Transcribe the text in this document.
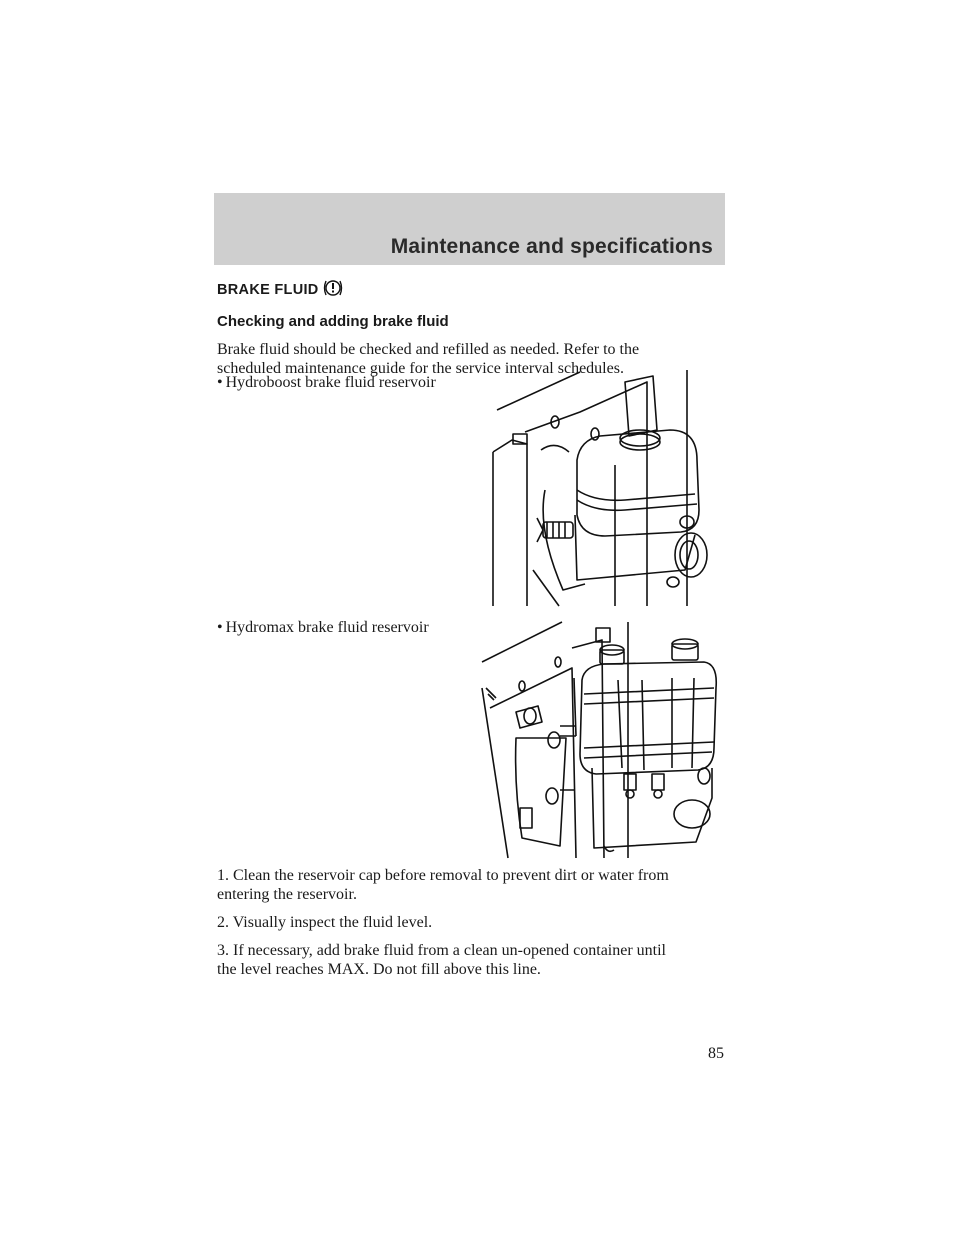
Maintenance and specifications
BRAKE FLUID
Checking and adding brake fluid
Brake fluid should be checked and refilled as needed. Refer to the
scheduled maintenance guide for the service interval schedules.
• Hydroboost brake fluid reservoir
• Hydromax brake fluid reservoir
1. Clean the reservoir cap before removal to prevent dirt or water from
entering the reservoir.
2. Visually inspect the fluid level.
3. If necessary, add brake fluid from a clean un-opened container until
the level reaches MAX. Do not fill above this line.
85
